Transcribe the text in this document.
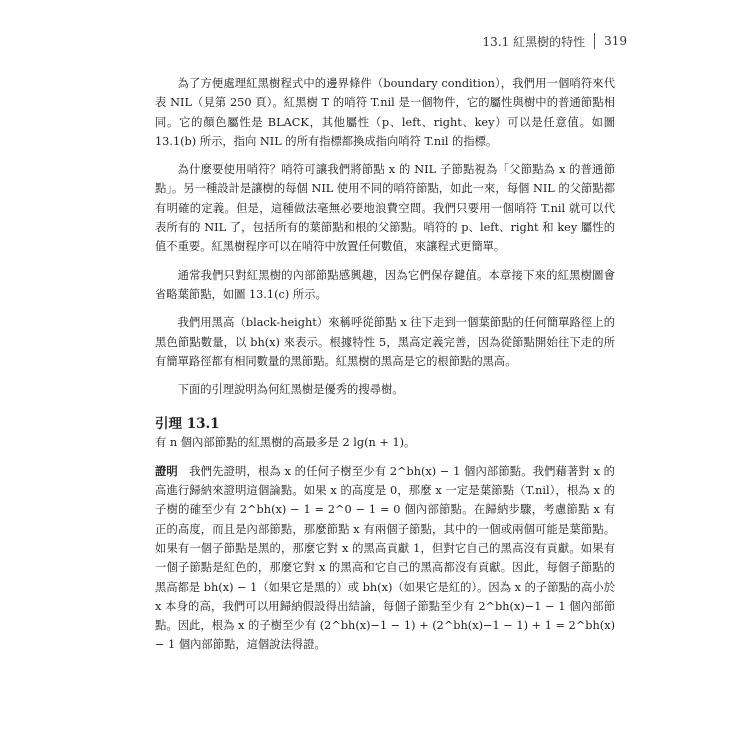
13.1 紅黑樹的特性 319

為了方便處理紅黑樹程式中的邊界條件（boundary condition），我們用一個哨符來代表 NIL（見第 250 頁）。紅黑樹 T 的哨符 T.nil 是一個物件，它的屬性與樹中的普通節點相同。它的顏色屬性是 BLACK，其他屬性（p、left、right、key）可以是任意值。如圖 13.1(b) 所示，指向 NIL 的所有指標都換成指向哨符 T.nil 的指標。

為什麼要使用哨符？哨符可讓我們將節點 x 的 NIL 子節點視為「父節點為 x 的普通節點」。另一種設計是讓樹的每個 NIL 使用不同的哨符節點，如此一來，每個 NIL 的父節點都有明確的定義。但是，這種做法毫無必要地浪費空間。我們只要用一個哨符 T.nil 就可以代表所有的 NIL 了，包括所有的葉節點和根的父節點。哨符的 p、left、right 和 key 屬性的值不重要。紅黑樹程序可以在哨符中放置任何數值，來讓程式更簡單。

通常我們只對紅黑樹的內部節點感興趣，因為它們保存鍵值。本章接下來的紅黑樹圖會省略葉節點，如圖 13.1(c) 所示。

我們用黑高（black-height）來稱呼從節點 x 往下走到一個葉節點的任何簡單路徑上的黑色節點數量，以 bh(x) 來表示。根據特性 5，黑高定義完善，因為從節點開始往下走的所有簡單路徑都有相同數量的黑節點。紅黑樹的黑高是它的根節點的黑高。

下面的引理說明為何紅黑樹是優秀的搜尋樹。

引理 13.1

有 n 個內部節點的紅黑樹的高最多是 2 lg(n + 1)。

證明  我們先證明，根為 x 的任何子樹至少有 2^bh(x) − 1 個內部節點。我們藉著對 x 的高進行歸納來證明這個論點。如果 x 的高度是 0，那麼 x 一定是葉節點（T.nil），根為 x 的子樹的確至少有 2^bh(x) − 1 = 2^0 − 1 = 0 個內部節點。在歸納步驟，考慮節點 x 有正的高度，而且是內部節點，那麼節點 x 有兩個子節點，其中的一個或兩個可能是葉節點。如果有一個子節點是黑的，那麼它對 x 的黑高貢獻 1，但對它自己的黑高沒有貢獻。如果有一個子節點是紅色的，那麼它對 x 的黑高和它自己的黑高都沒有貢獻。因此，每個子節點的黑高都是 bh(x) − 1（如果它是黑的）或 bh(x)（如果它是紅的）。因為 x 的子節點的高小於 x 本身的高，我們可以用歸納假設得出結論，每個子節點至少有 2^bh(x)−1 − 1 個內部節點。因此，根為 x 的子樹至少有 (2^bh(x)−1 − 1) + (2^bh(x)−1 − 1) + 1 = 2^bh(x) − 1 個內部節點，這個說法得證。
